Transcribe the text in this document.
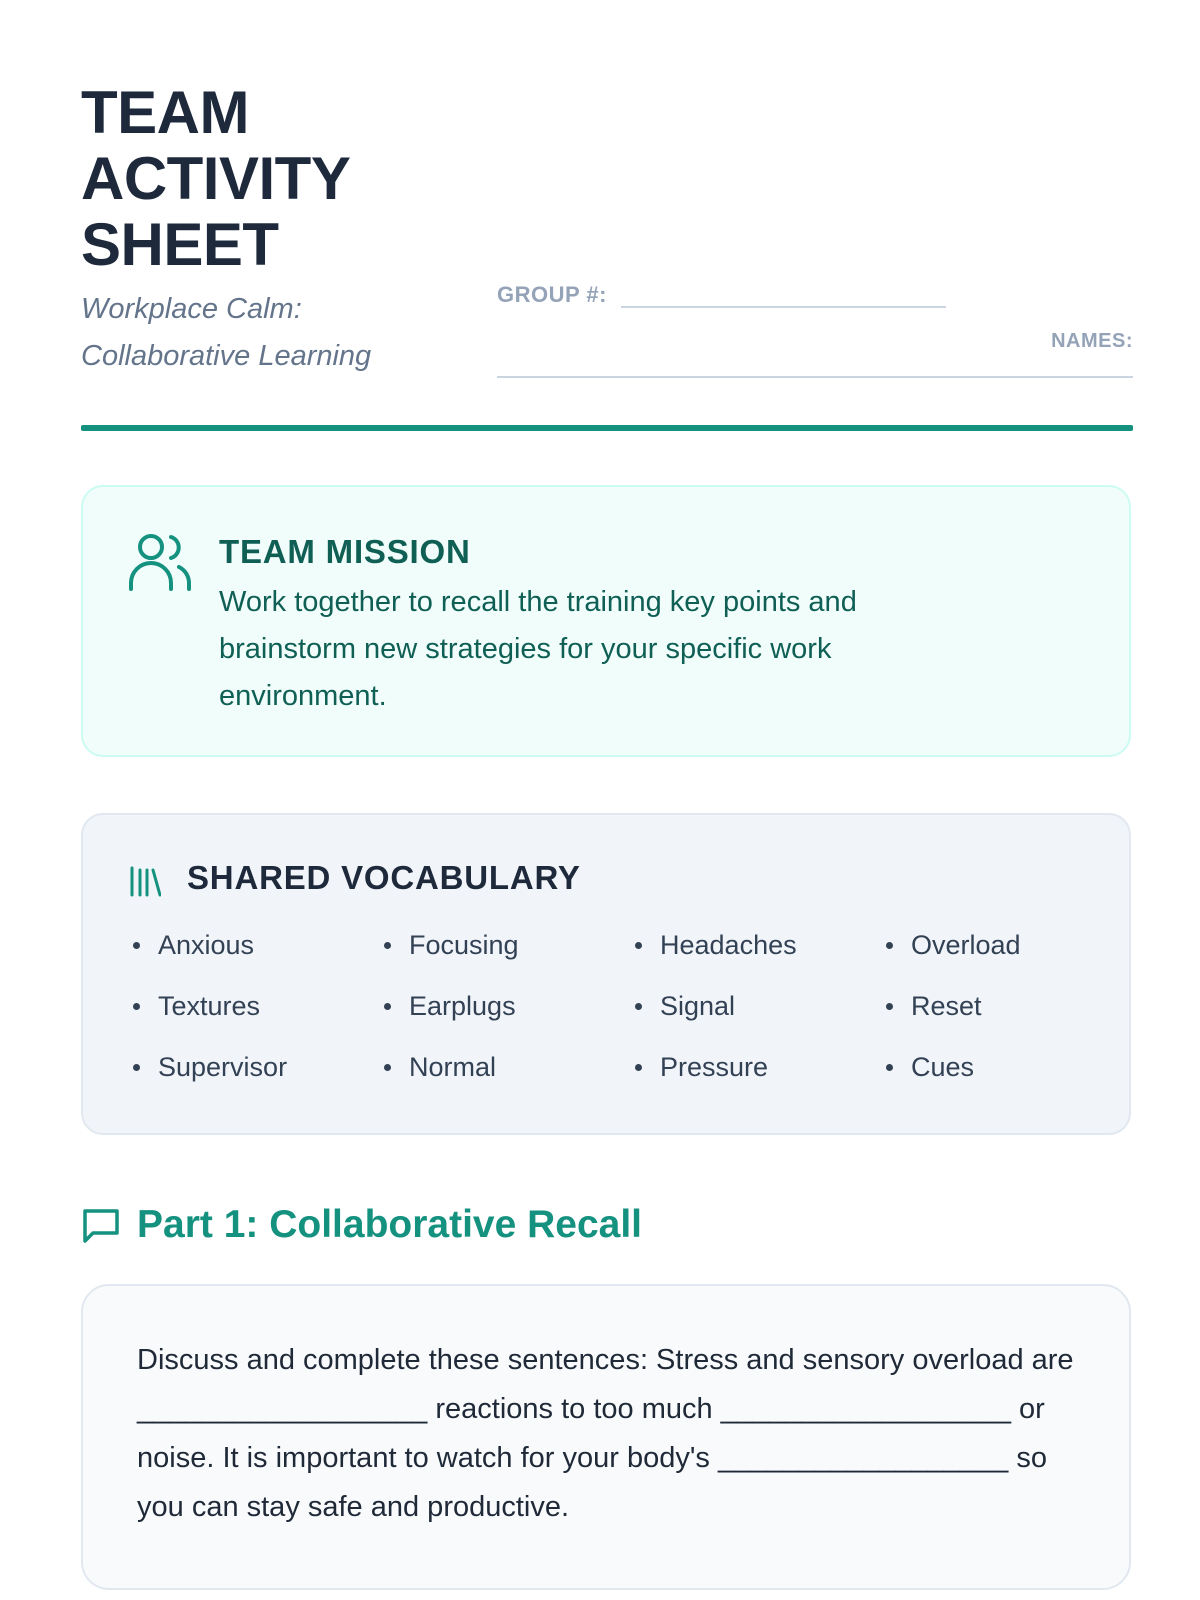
TEAM
ACTIVITY
SHEET
Workplace Calm:
Collaborative Learning
GROUP #:
NAMES:
TEAM MISSION
Work together to recall the training key points and brainstorm new strategies for your specific work environment.
SHARED VOCABULARY
Anxious	Focusing	Headaches	Overload
Textures	Earplugs	Signal	Reset
Supervisor	Normal	Pressure	Cues
Part 1: Collaborative Recall
Discuss and complete these sentences: Stress and sensory overload are __________________ reactions to too much __________________ or noise. It is important to watch for your body's __________________ so you can stay safe and productive.
